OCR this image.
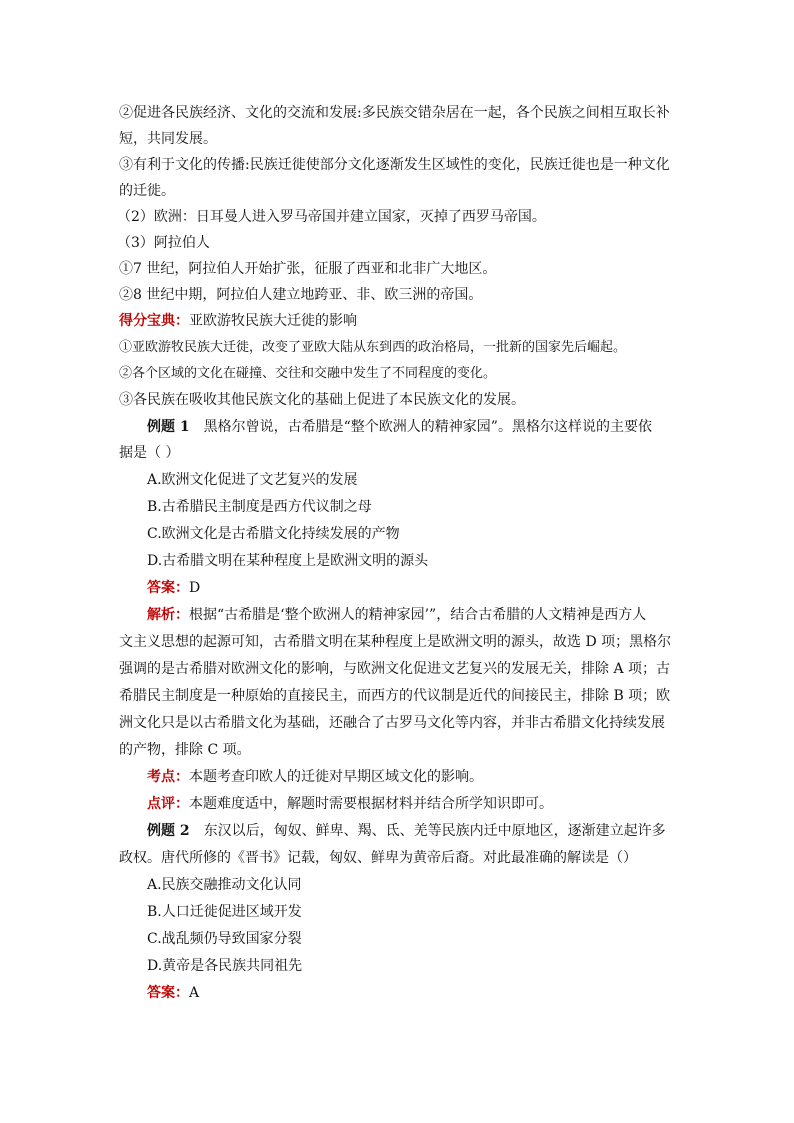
②促进各民族经济、文化的交流和发展:多民族交错杂居在一起，各个民族之间相互取长补
短，共同发展。
③有利于文化的传播:民族迁徙使部分文化逐渐发生区域性的变化，民族迁徙也是一种文化
的迁徙。
（2）欧洲：日耳曼人进入罗马帝国并建立国家，灭掉了西罗马帝国。
（3）阿拉伯人
①7 世纪，阿拉伯人开始扩张，征服了西亚和北非广大地区。
②8 世纪中期，阿拉伯人建立地跨亚、非、欧三洲的帝国。
得分宝典：亚欧游牧民族大迁徙的影响
①亚欧游牧民族大迁徙，改变了亚欧大陆从东到西的政治格局，一批新的国家先后崛起。
②各个区域的文化在碰撞、交往和交融中发生了不同程度的变化。
③各民族在吸收其他民族文化的基础上促进了本民族文化的发展。
例题 1 黑格尔曾说，古希腊是“整个欧洲人的精神家园”。黑格尔这样说的主要依
据是（ ）
A.欧洲文化促进了文艺复兴的发展
B.古希腊民主制度是西方代议制之母
C.欧洲文化是古希腊文化持续发展的产物
D.古希腊文明在某种程度上是欧洲文明的源头
答案：D
解析：根据“古希腊是‘整个欧洲人的精神家园’”，结合古希腊的人文精神是西方人
文主义思想的起源可知，古希腊文明在某种程度上是欧洲文明的源头，故选 D 项；黑格尔
强调的是古希腊对欧洲文化的影响，与欧洲文化促进文艺复兴的发展无关，排除 A 项；古
希腊民主制度是一种原始的直接民主，而西方的代议制是近代的间接民主，排除 B 项；欧
洲文化只是以古希腊文化为基础，还融合了古罗马文化等内容，并非古希腊文化持续发展
的产物，排除 C 项。
考点：本题考查印欧人的迁徙对早期区域文化的影响。
点评：本题难度适中，解题时需要根据材料并结合所学知识即可。
例题 2 东汉以后，匈奴、鲜卑、羯、氐、羌等民族内迁中原地区，逐渐建立起许多
政权。唐代所修的《晋书》记载，匈奴、鲜卑为黄帝后裔。对此最准确的解读是（）
A.民族交融推动文化认同
B.人口迁徙促进区域开发
C.战乱频仍导致国家分裂
D.黄帝是各民族共同祖先
答案：A
